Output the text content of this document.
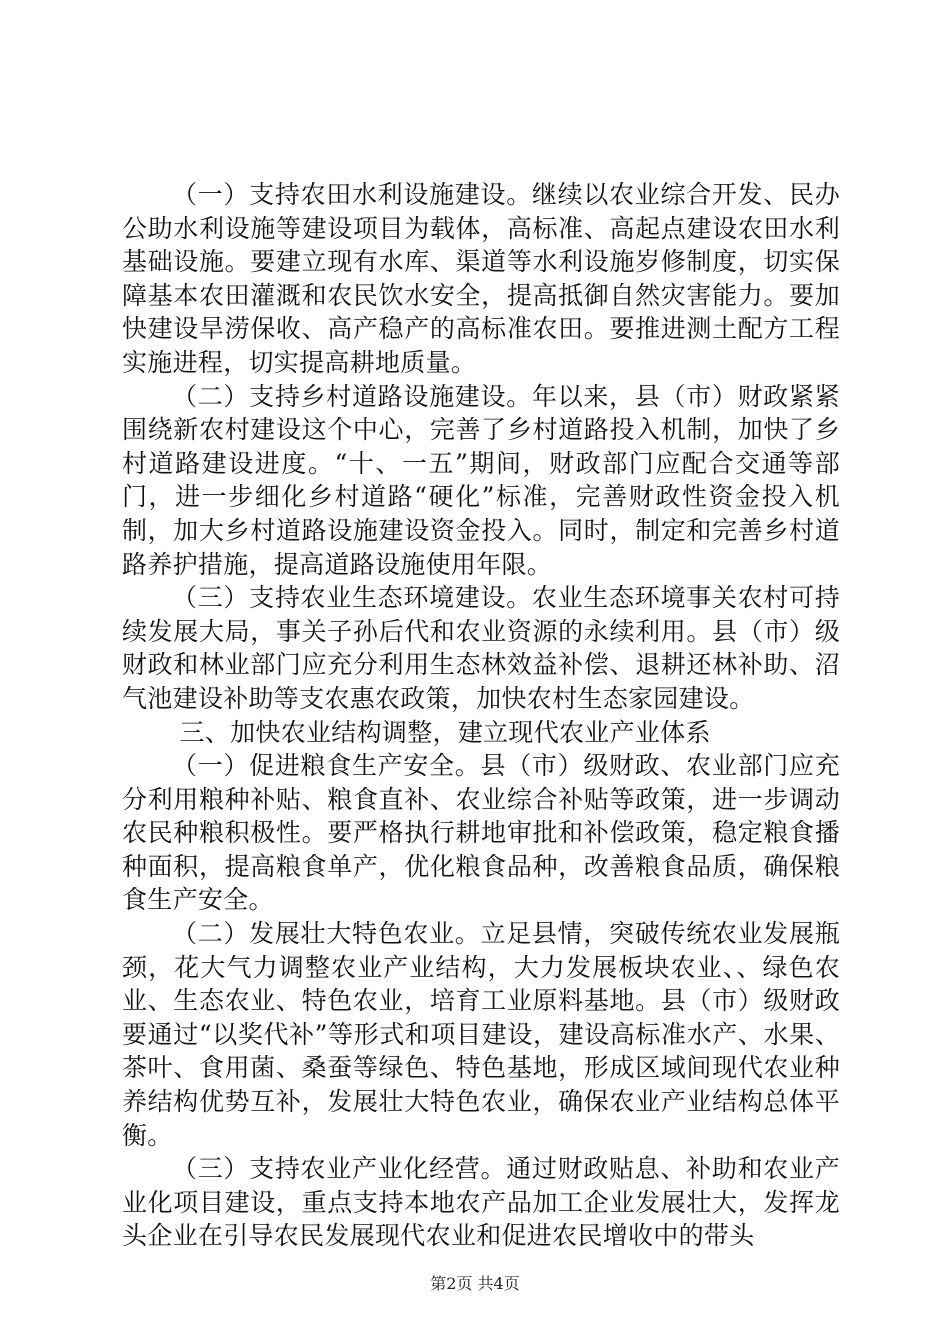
（一）支持农田水利设施建设。继续以农业综合开发、民办公助水利设施等建设项目为载体，高标准、高起点建设农田水利基础设施。要建立现有水库、渠道等水利设施岁修制度，切实保障基本农田灌溉和农民饮水安全，提高抵御自然灾害能力。要加快建设旱涝保收、高产稳产的高标准农田。要推进测土配方工程实施进程，切实提高耕地质量。

（二）支持乡村道路设施建设。年以来，县（市）财政紧紧围绕新农村建设这个中心，完善了乡村道路投入机制，加快了乡村道路建设进度。“十、一五”期间，财政部门应配合交通等部门，进一步细化乡村道路“硬化”标准，完善财政性资金投入机制，加大乡村道路设施建设资金投入。同时，制定和完善乡村道路养护措施，提高道路设施使用年限。

（三）支持农业生态环境建设。农业生态环境事关农村可持续发展大局，事关子孙后代和农业资源的永续利用。县（市）级财政和林业部门应充分利用生态林效益补偿、退耕还林补助、沼气池建设补助等支农惠农政策，加快农村生态家园建设。

三、加快农业结构调整，建立现代农业产业体系

（一）促进粮食生产安全。县（市）级财政、农业部门应充分利用粮种补贴、粮食直补、农业综合补贴等政策，进一步调动农民种粮积极性。要严格执行耕地审批和补偿政策，稳定粮食播种面积，提高粮食单产，优化粮食品种，改善粮食品质，确保粮食生产安全。

（二）发展壮大特色农业。立足县情，突破传统农业发展瓶颈，花大气力调整农业产业结构，大力发展板块农业、、绿色农业、生态农业、特色农业，培育工业原料基地。县（市）级财政要通过“以奖代补”等形式和项目建设，建设高标准水产、水果、茶叶、食用菌、桑蚕等绿色、特色基地，形成区域间现代农业种养结构优势互补，发展壮大特色农业，确保农业产业结构总体平衡。

（三）支持农业产业化经营。通过财政贴息、补助和农业产业化项目建设，重点支持本地农产品加工企业发展壮大，发挥龙头企业在引导农民发展现代农业和促进农民增收中的带头

第2页 共4页
